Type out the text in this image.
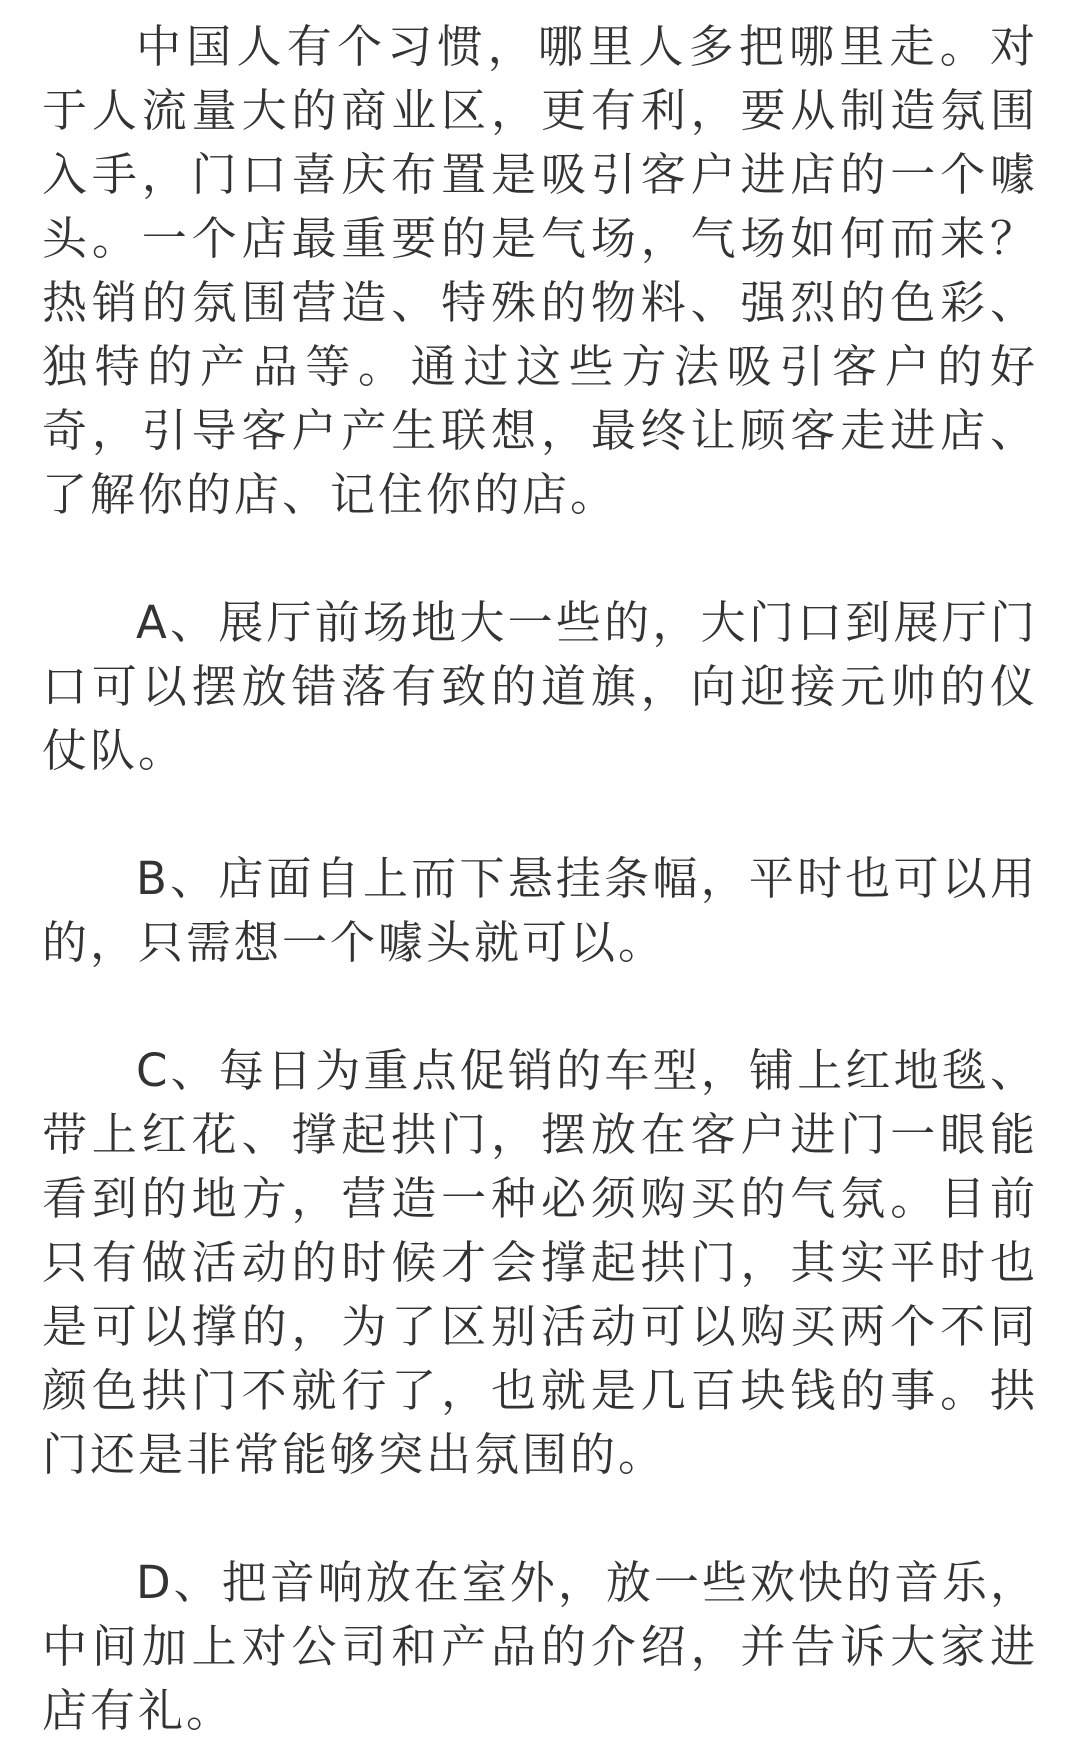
中国人有个习惯，哪里人多把哪里走。对于人流量大的商业区，更有利，要从制造氛围入手，门口喜庆布置是吸引客户进店的一个噱头。一个店最重要的是气场，气场如何而来？热销的氛围营造、特殊的物料、强烈的色彩、独特的产品等。通过这些方法吸引客户的好奇，引导客户产生联想，最终让顾客走进店、了解你的店、记住你的店。

A、展厅前场地大一些的，大门口到展厅门口可以摆放错落有致的道旗，向迎接元帅的仪仗队。

B、店面自上而下悬挂条幅，平时也可以用的，只需想一个噱头就可以。

C、每日为重点促销的车型，铺上红地毯、带上红花、撑起拱门，摆放在客户进门一眼能看到的地方，营造一种必须购买的气氛。目前只有做活动的时候才会撑起拱门，其实平时也是可以撑的，为了区别活动可以购买两个不同颜色拱门不就行了，也就是几百块钱的事。拱门还是非常能够突出氛围的。

D、把音响放在室外，放一些欢快的音乐，中间加上对公司和产品的介绍，并告诉大家进店有礼。
